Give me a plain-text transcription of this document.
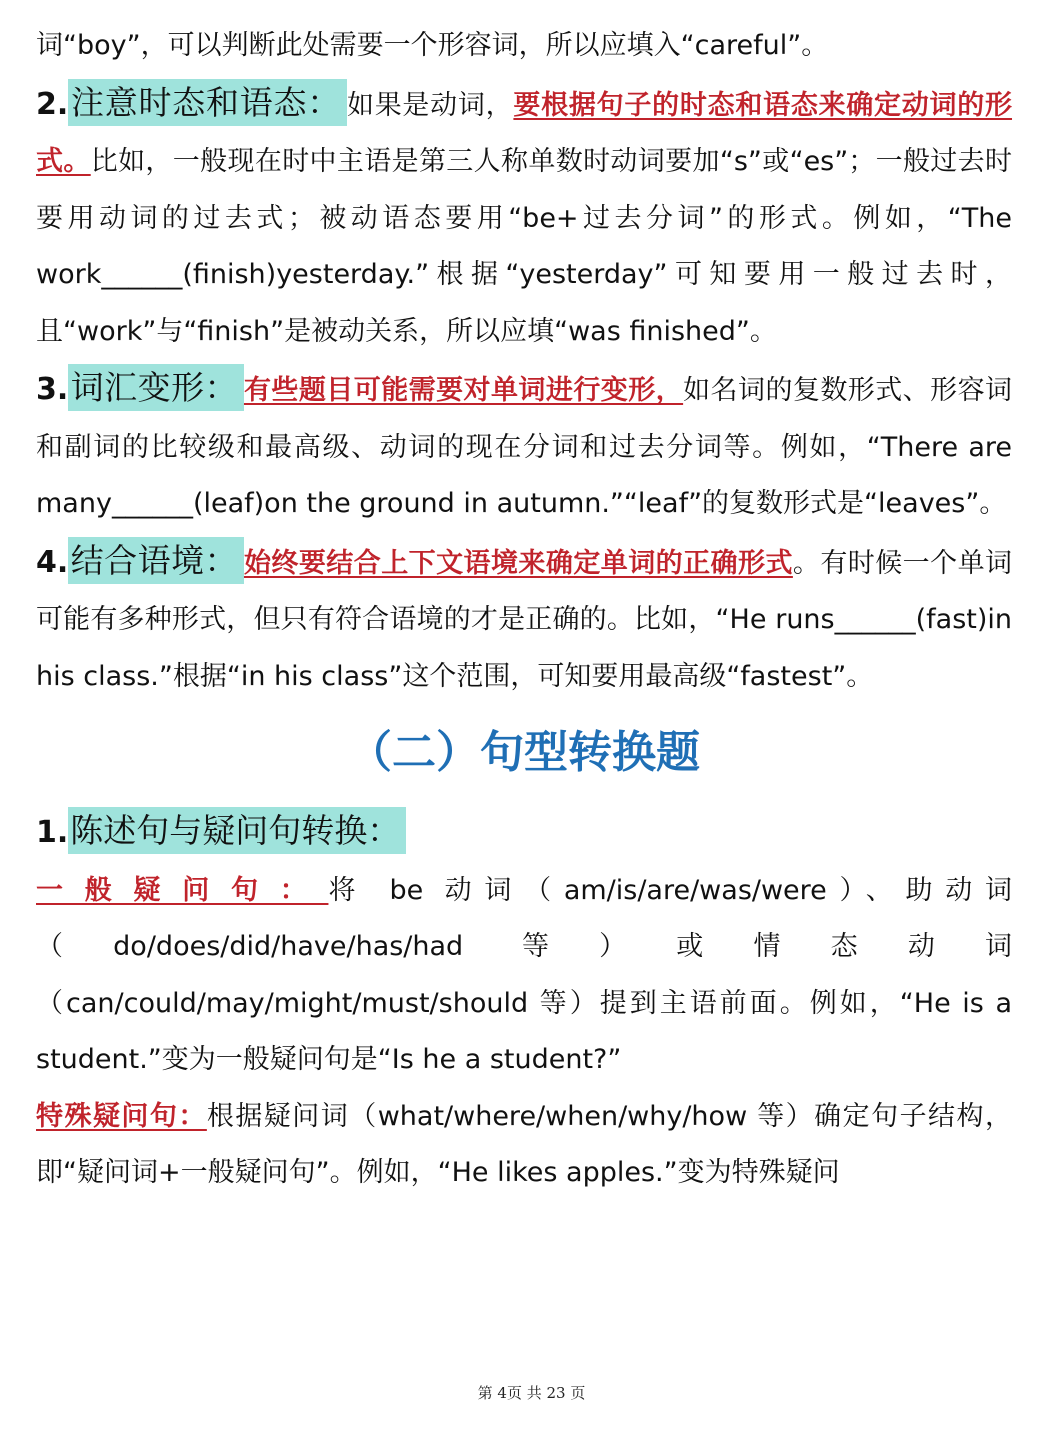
词“boy”，可以判断此处需要一个形容词，所以应填入“careful”。

2.注意时态和语态： 如果是动词，要根据句子的时态和语态来确定动词的形式。比如，一般现在时中主语是第三人称单数时动词要加“s”或“es”；一般过去时要用动词的过去式；被动语态要用“be+过去分词”的形式。例如，“The work______(finish)yesterday.”根据“yesterday”可知要用一般过去时，且“work”与“finish”是被动关系，所以应填“was finished”。

3.词汇变形： 有些题目可能需要对单词进行变形，如名词的复数形式、形容词和副词的比较级和最高级、动词的现在分词和过去分词等。例如，“There are many______(leaf)on the ground in autumn.”“leaf”的复数形式是“leaves”。

4.结合语境： 始终要结合上下文语境来确定单词的正确形式。有时候一个单词可能有多种形式，但只有符合语境的才是正确的。比如，“He runs______(fast)in his class.”根据“in his class”这个范围，可知要用最高级“fastest”。

（二）句型转换题

1.陈述句与疑问句转换：

一般疑问句：将 be 动词（am/is/are/was/were）、助动词（do/does/did/have/has/had 等）或情态动词（can/could/may/might/must/should 等）提到主语前面。例如，“He is a student.”变为一般疑问句是“Is he a student?”

特殊疑问句：根据疑问词（what/where/when/why/how 等）确定句子结构，即“疑问词+一般疑问句”。例如，“He likes apples.”变为特殊疑问

第 4页 共 23 页
